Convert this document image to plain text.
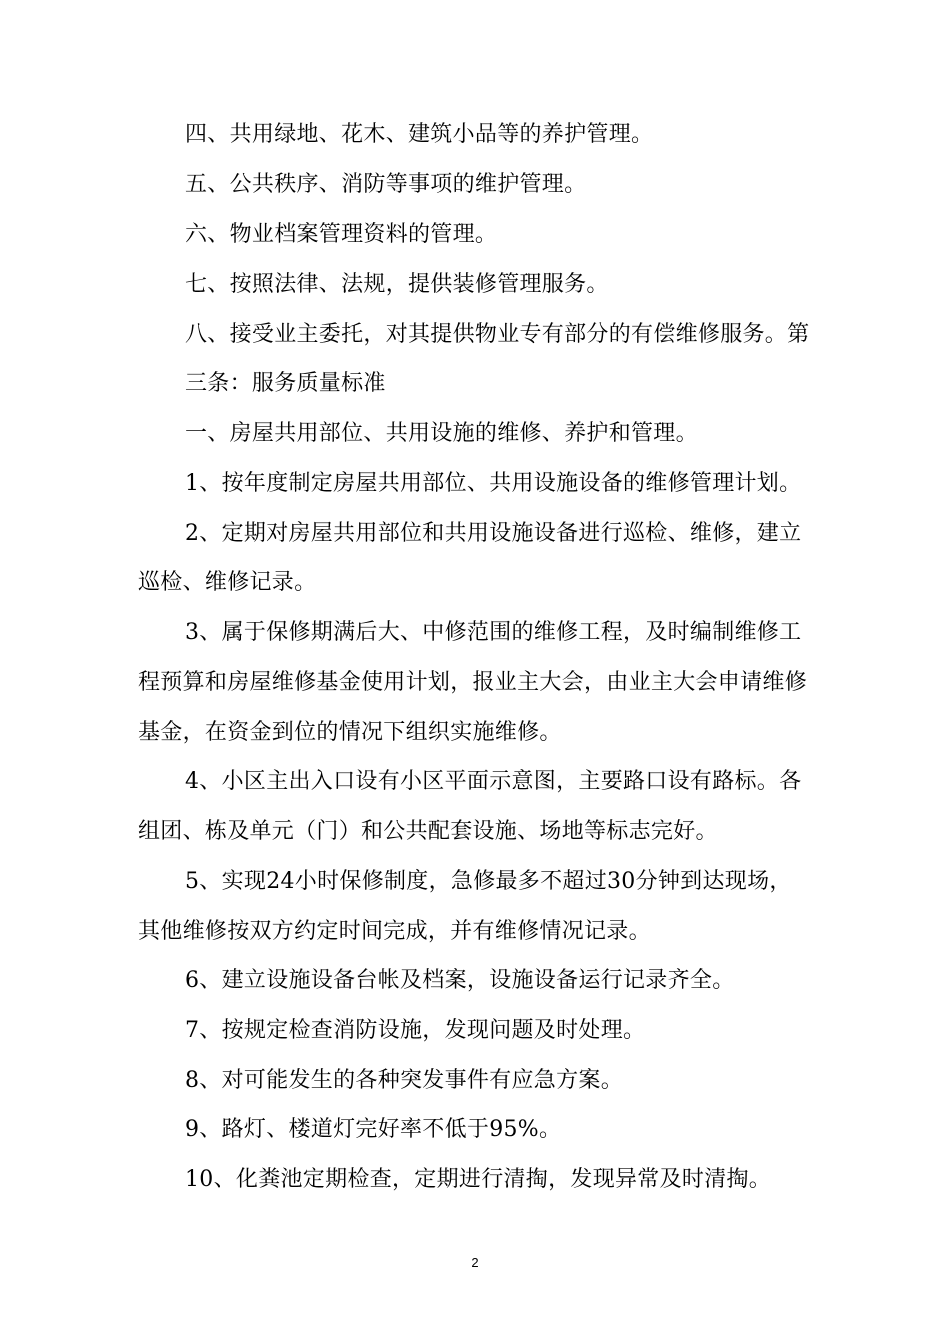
四、共用绿地、花木、建筑小品等的养护管理。
五、公共秩序、消防等事项的维护管理。
六、物业档案管理资料的管理。
七、按照法律、法规，提供装修管理服务。
八、接受业主委托，对其提供物业专有部分的有偿维修服务。第
三条：服务质量标准
一、房屋共用部位、共用设施的维修、养护和管理。
1、按年度制定房屋共用部位、共用设施设备的维修管理计划。
2、定期对房屋共用部位和共用设施设备进行巡检、维修，建立
巡检、维修记录。
3、属于保修期满后大、中修范围的维修工程，及时编制维修工
程预算和房屋维修基金使用计划，报业主大会，由业主大会申请维修
基金，在资金到位的情况下组织实施维修。
4、小区主出入口设有小区平面示意图，主要路口设有路标。各
组团、栋及单元（门）和公共配套设施、场地等标志完好。
5、实现24小时保修制度，急修最多不超过30分钟到达现场，
其他维修按双方约定时间完成，并有维修情况记录。
6、建立设施设备台帐及档案，设施设备运行记录齐全。
7、按规定检查消防设施，发现问题及时处理。
8、对可能发生的各种突发事件有应急方案。
9、路灯、楼道灯完好率不低于95%。
10、化粪池定期检查，定期进行清掏，发现异常及时清掏。
2
